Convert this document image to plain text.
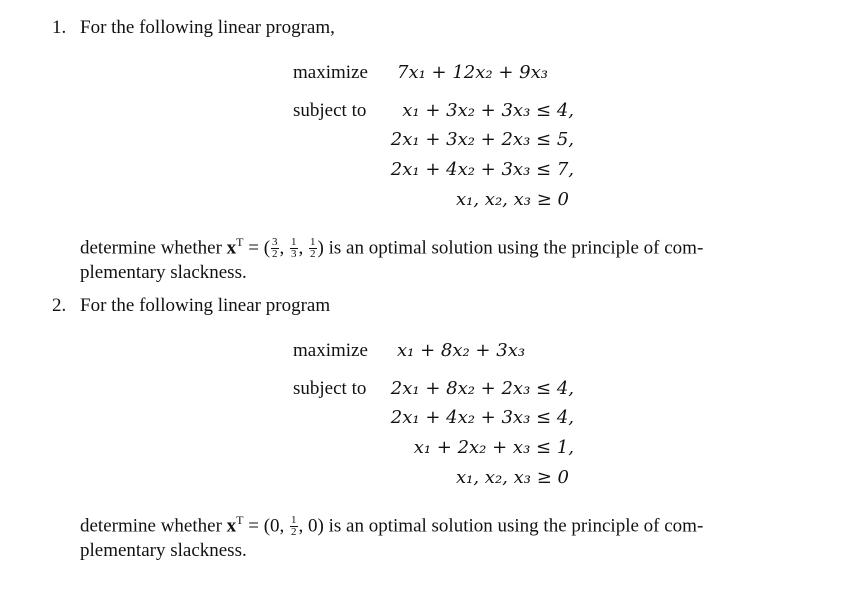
1. For the following linear program,
maximize 7x₁ + 12x₂ + 9x₃
subject to x₁ + 3x₂ + 3x₃ ≤ 4,
2x₁ + 3x₂ + 2x₃ ≤ 5,
2x₁ + 4x₂ + 3x₃ ≤ 7,
x₁, x₂, x₃ ≥ 0
determine whether $x^T$ = ( $\frac{3}{2}$ , $\frac{1}{3}$ , $\frac{1}{2}$ ) is an optimal solution using the principle of com-
plementary slackness.
2. For the following linear program
maximize x₁ + 8x₂ + 3x₃
subject to 2x₁ + 8x₂ + 2x₃ ≤ 4,
2x₁ + 4x₂ + 3x₃ ≤ 4,
x₁ + 2x₂ + x₃ ≤ 1,
x₁, x₂, x₃ ≥ 0
determine whether $x^T = (0$, $\frac{1}{2}$ , 0) is an optimal solution using the principle of com-
plementary slackness.
